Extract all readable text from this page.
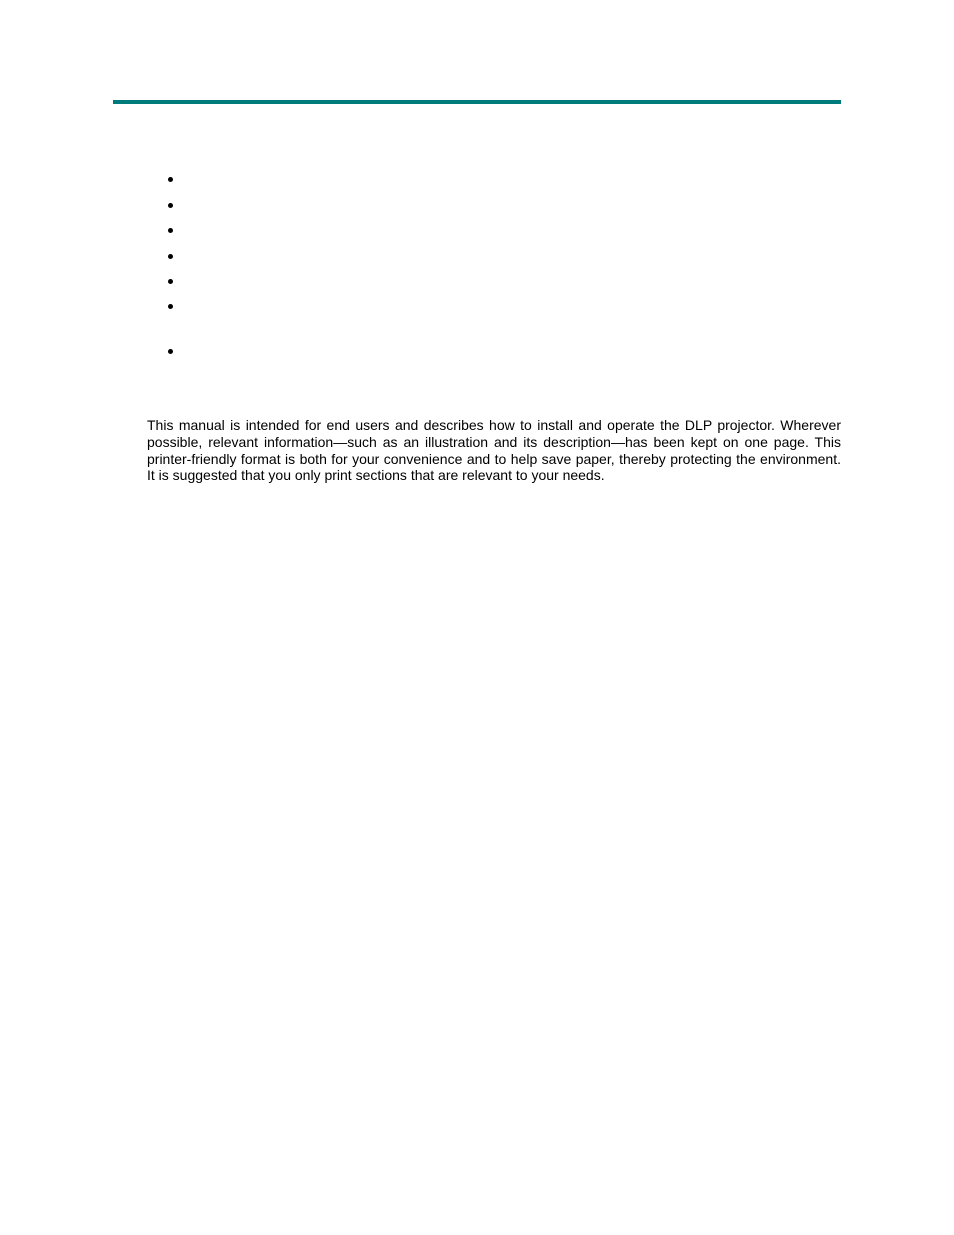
This manual is intended for end users and describes how to install and operate the DLP projector. Wherever possible, relevant information—such as an illustration and its description—has been kept on one page. This printer-friendly format is both for your convenience and to help save paper, thereby protecting the environment. It is suggested that you only print sections that are relevant to your needs.
